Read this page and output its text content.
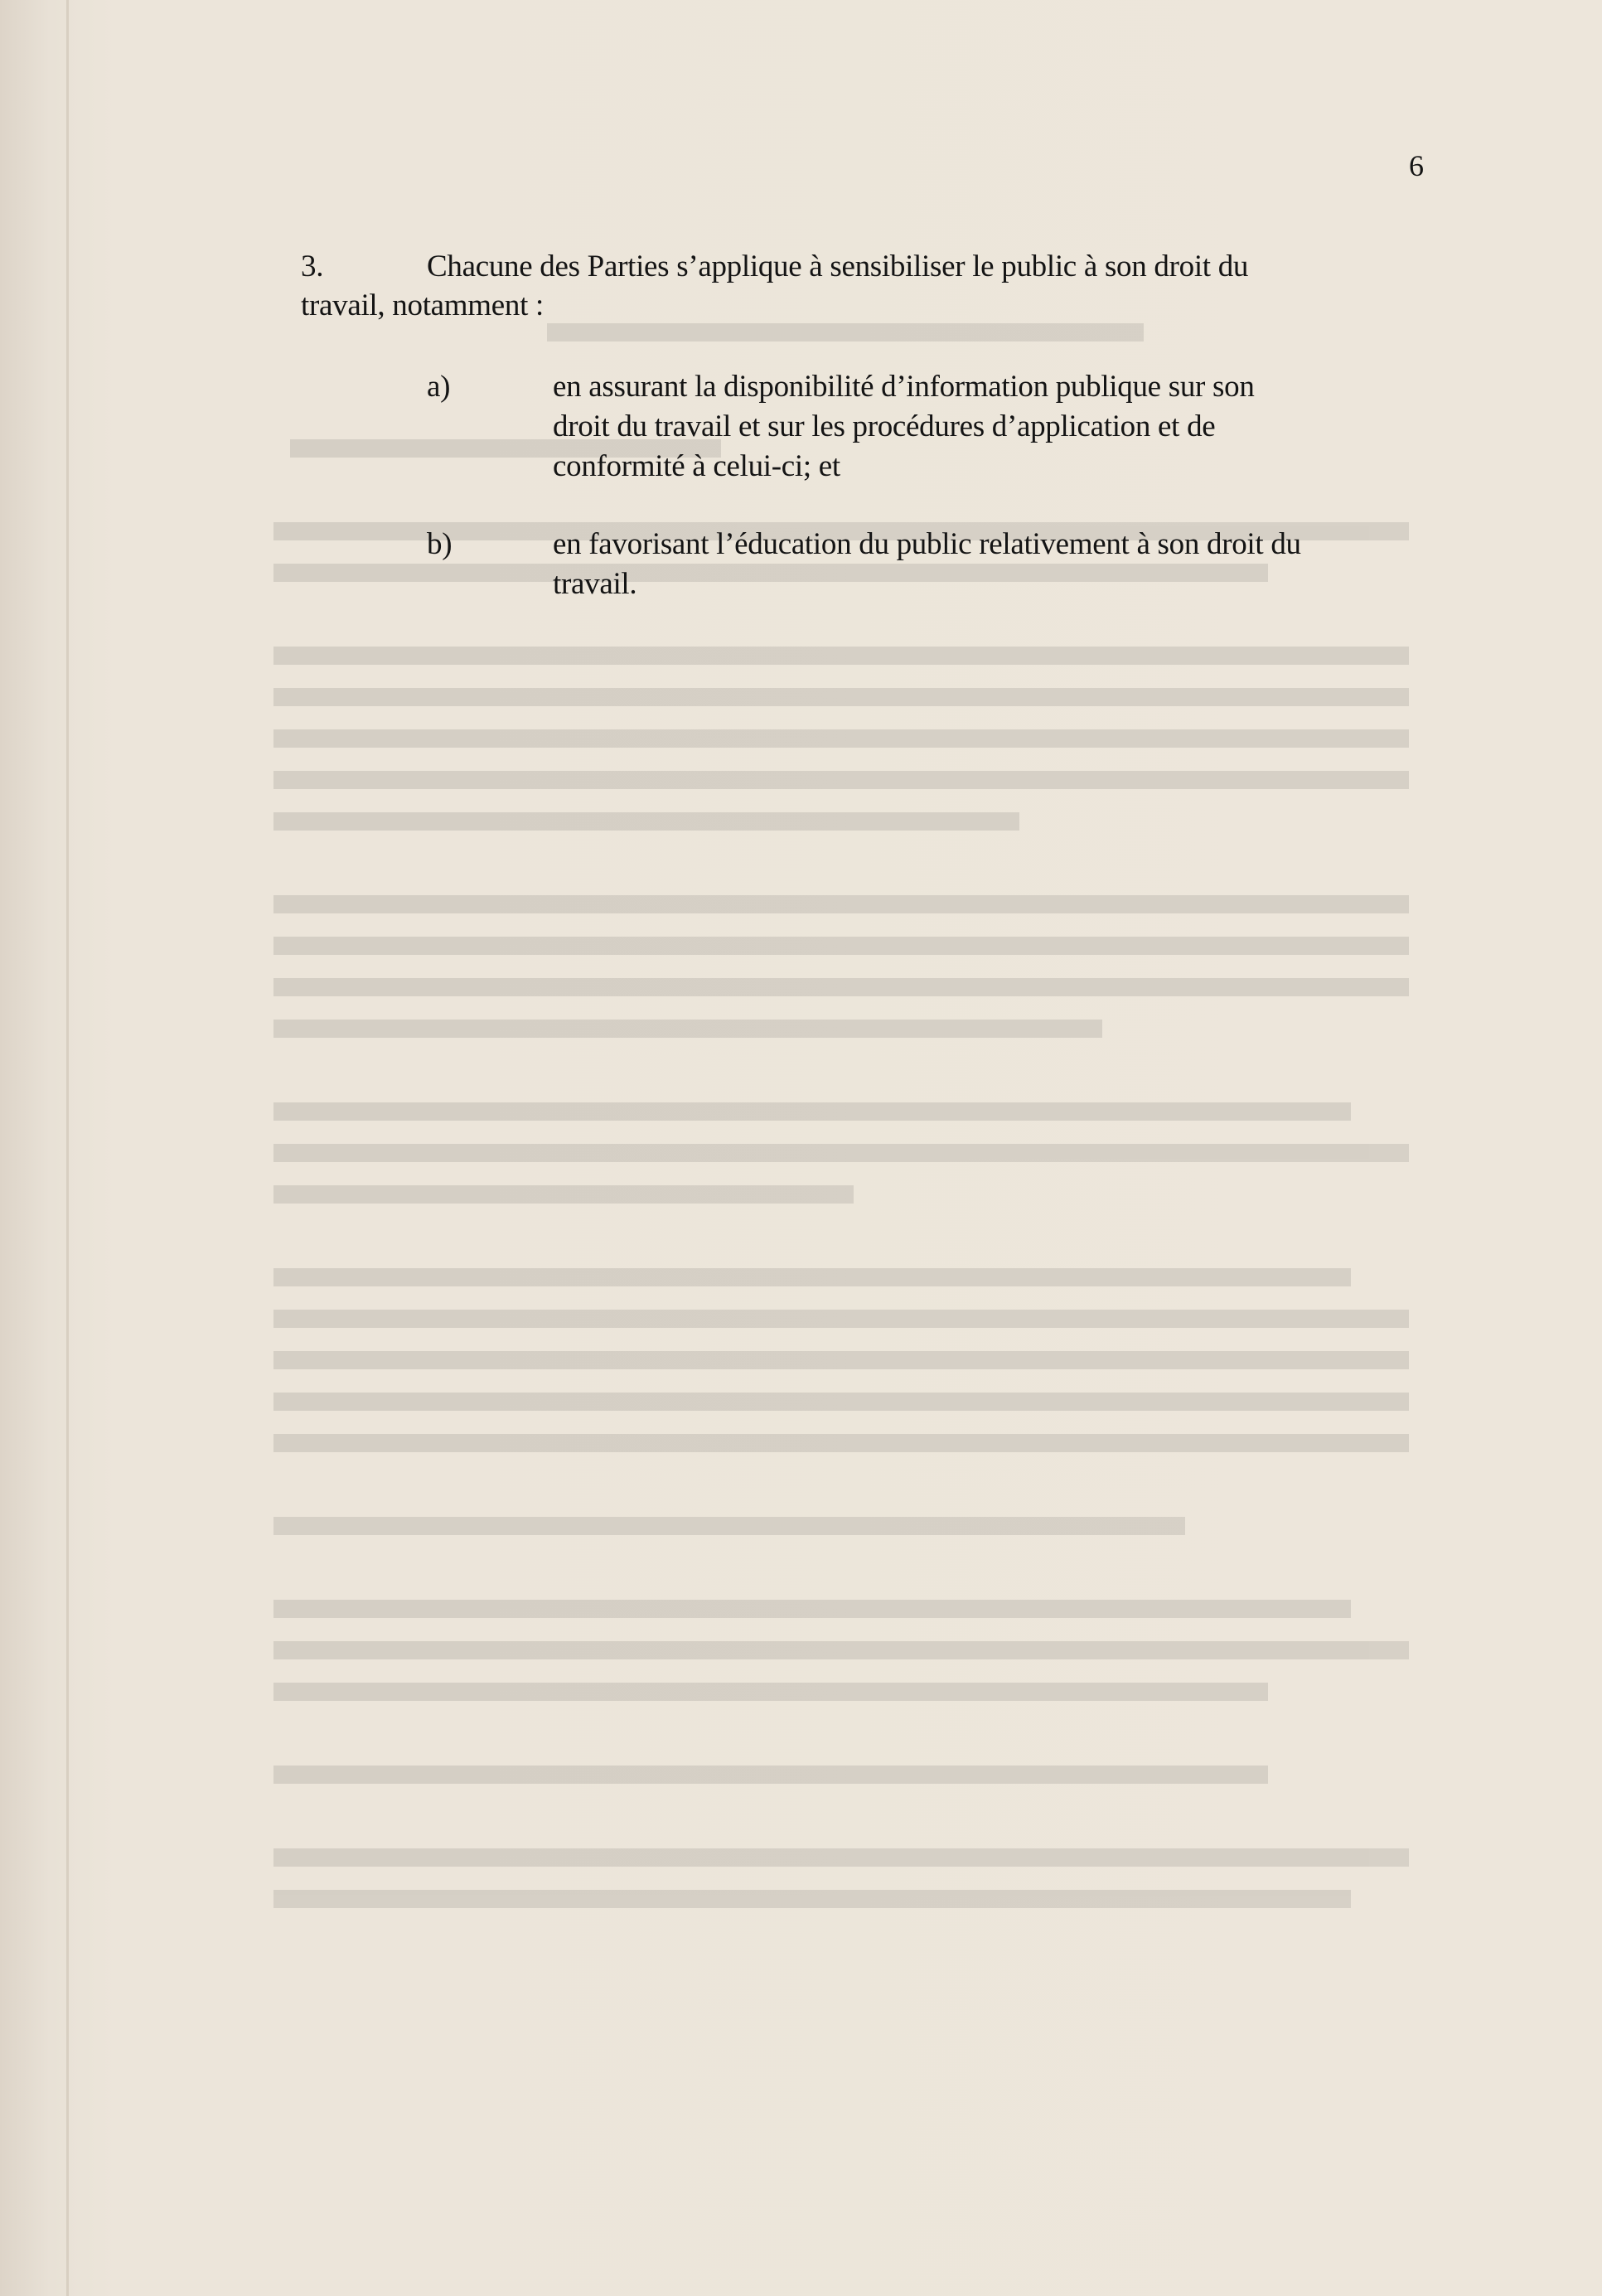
6
3.	Chacune des Parties s’applique à sensibiliser le public à son droit du
travail, notamment :
a)	en assurant la disponibilité d’information publique sur son
droit du travail et sur les procédures d’application et de
conformité à celui-ci; et
b)	en favorisant l’éducation du public relativement à son droit du
travail.
